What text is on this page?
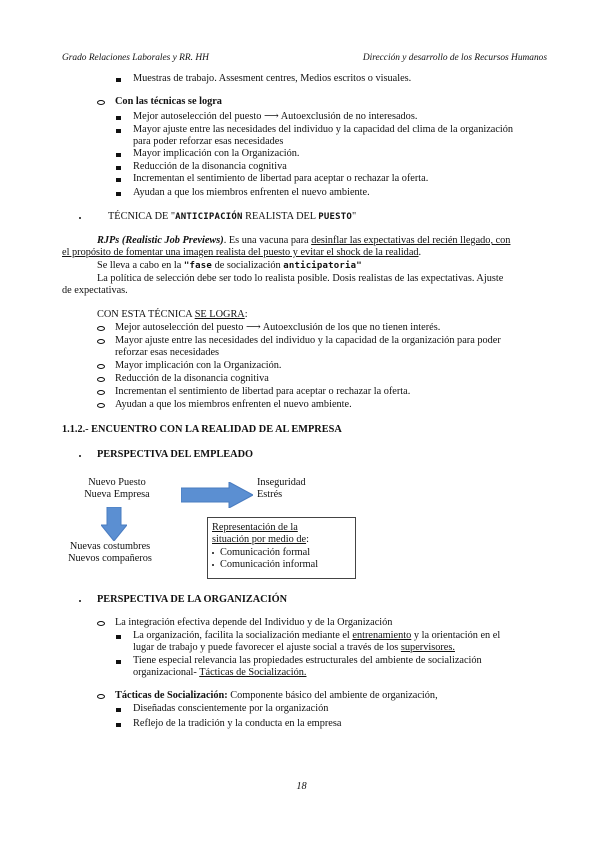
Grado Relaciones Laborales y RR. HH	Dirección y desarrollo de los Recursos Humanos
Muestras de trabajo. Assesment centres, Medios escritos o visuales.
Con las técnicas se logra
Mejor autoselección del puesto ⟶ Autoexclusión de no interesados.
Mayor ajuste entre las necesidades del individuo y la capacidad del clima de la organización
para poder reforzar esas necesidades
Mayor implicación con la Organización.
Reducción de la disonancia cognitiva
Incrementan el sentimiento de libertad para aceptar o rechazar la oferta.
Ayudan a que los miembros enfrenten el nuevo ambiente.
TÉCNICA DE "ANTICIPACIÓN REALISTA DEL PUESTO"
RJPs (Realistic Job Previews). Es una vacuna para desinflar las expectativas del recién llegado, con
el propósito de fomentar una imagen realista del puesto y evitar el shock de la realidad.
Se lleva a cabo en la "fase de socialización anticipatoria"
La política de selección debe ser todo lo realista posible. Dosis realistas de las expectativas. Ajuste
de expectativas.
CON ESTA TÉCNICA SE LOGRA:
Mejor autoselección del puesto ⟶ Autoexclusión de los que no tienen interés.
Mayor ajuste entre las necesidades del individuo y la capacidad de la organización para poder
reforzar esas necesidades
Mayor implicación con la Organización.
Reducción de la disonancia cognitiva
Incrementan el sentimiento de libertad para aceptar o rechazar la oferta.
Ayudan a que los miembros enfrenten el nuevo ambiente.
1.1.2.- ENCUENTRO CON LA REALIDAD DE AL EMPRESA
PERSPECTIVA DEL EMPLEADO
Nuevo Puesto
Nueva Empresa
Inseguridad
Estrés
Nuevas costumbres
Nuevos compañeros
Representación de la
situación por medio de:
Comunicación formal
Comunicación informal
PERSPECTIVA DE LA ORGANIZACIÓN
La integración efectiva depende del Individuo y de la Organización
La organización, facilita la socialización mediante el entrenamiento y la orientación en el
lugar de trabajo y puede favorecer el ajuste social a través de los supervisores.
Tiene especial relevancia las propiedades estructurales del ambiente de socialización
organizacional- Tácticas de Socialización.
Tácticas de Socialización: Componente básico del ambiente de organización,
Diseñadas conscientemente por la organización
Reflejo de la tradición y la conducta en la empresa
18
